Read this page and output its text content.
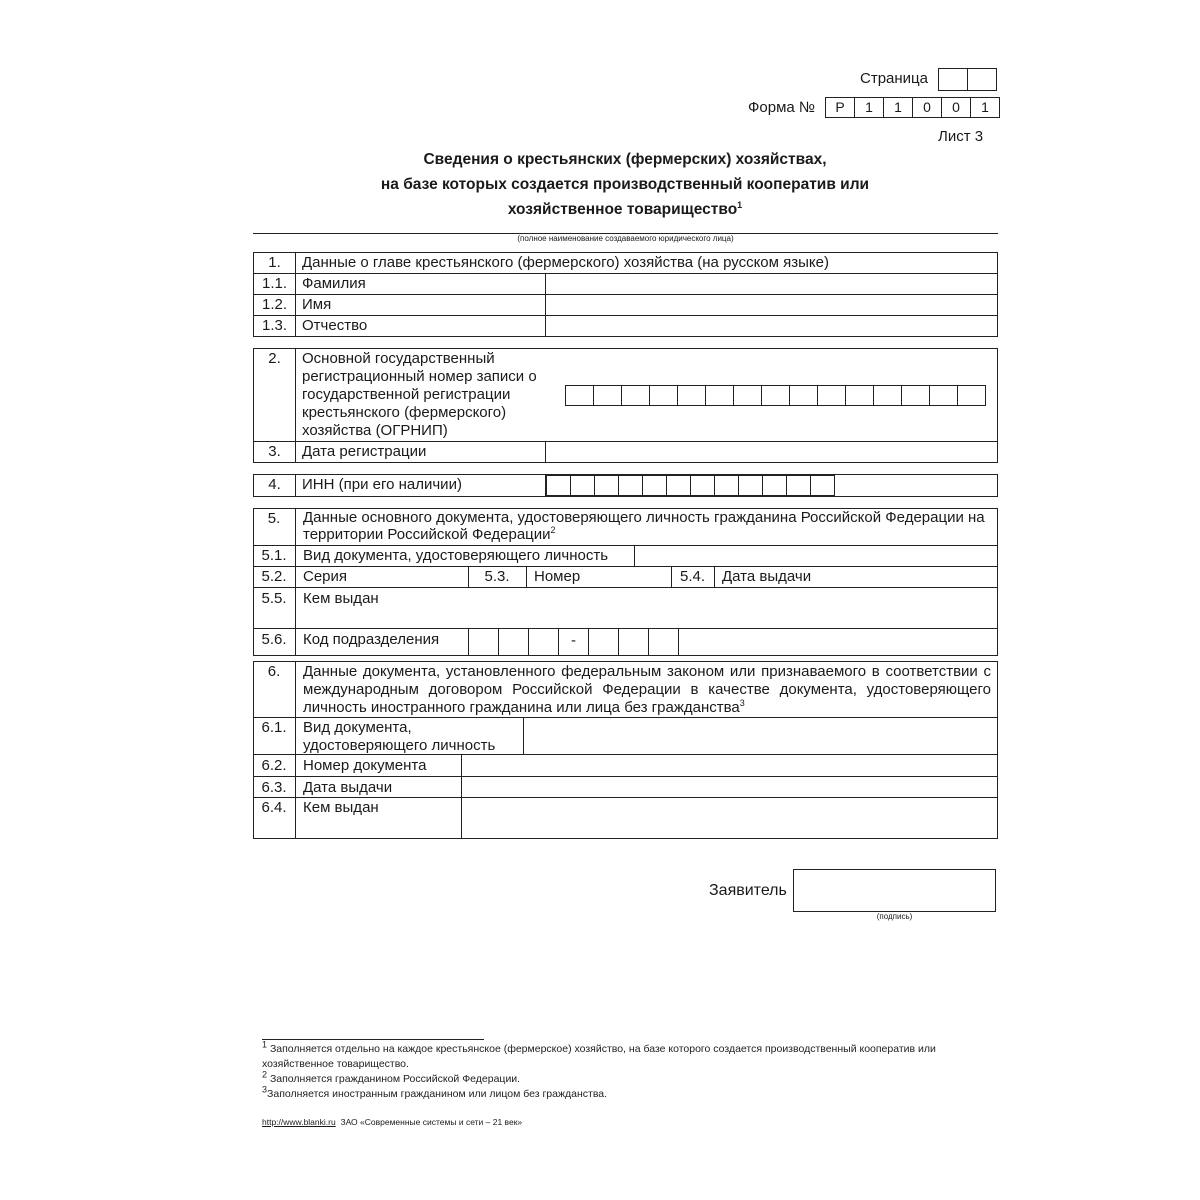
Страница
Форма №	Р	1	1	0	0	1
Лист 3
Сведения о крестьянских (фермерских) хозяйствах,
на базе которых создается производственный кооператив или
хозяйственное товарищество$^1$
(полное наименование создаваемого юридического лица)
1.	Данные о главе крестьянского (фермерского) хозяйства (на русском языке)	
1.1.	Фамилия	
1.2.	Имя	
1.3.	Отчество	
2.	Основной государственный регистрационный номер записи о государственной регистрации крестьянского (фермерского) хозяйства (ОГРНИП)	

3.	Дата регистрации	
4.	ИНН (при его наличии)	
5.	Данные основного документа, удостоверяющего личность гражданина Российской Федерации на территории Российской Федерации$^2$
5.1.	Вид документа, удостоверяющего личность
5.2.	Серия	5.3.	Номер	5.4.	Дата выдачи
5.5.	Кем выдан
5.6.	Код подразделения	-
6.	Данные документа, установленного федеральным законом или признаваемого в соответствии с международным договором Российской Федерации в качестве документа, удостоверяющего личность иностранного гражданина или лица без гражданства$^3$
6.1.	Вид документа, удостоверяющего личность
6.2.	Номер документа
6.3.	Дата выдачи
6.4.	Кем выдан
Заявитель
(подпись)
$^1$ Заполняется отдельно на каждое крестьянское (фермерское) хозяйство, на базе которого создается производственный кооператив или хозяйственное товарищество.
$^2$ Заполняется гражданином Российской Федерации.
$^3$Заполняется иностранным гражданином или лицом без гражданства.
http://www.blanki.ru ЗАО «Современные системы и сети – 21 век»
